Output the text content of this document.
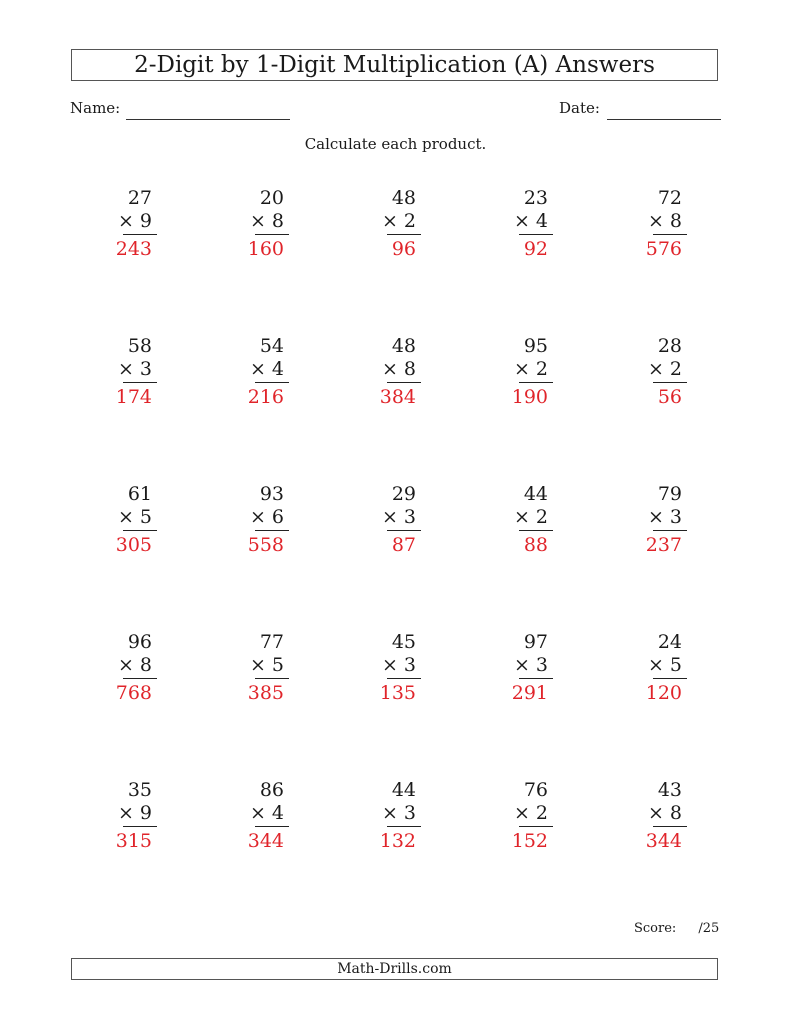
2-Digit by 1-Digit Multiplication (A) Answers
Name:	Date:
Calculate each product.
27
× 9
243
20
× 8
160
48
× 2
96
23
× 4
92
72
× 8
576
58
× 3
174
54
× 4
216
48
× 8
384
95
× 2
190
28
× 2
56
61
× 5
305
93
× 6
558
29
× 3
87
44
× 2
88
79
× 3
237
96
× 8
768
77
× 5
385
45
× 3
135
97
× 3
291
24
× 5
120
35
× 9
315
86
× 4
344
44
× 3
132
76
× 2
152
43
× 8
344
Score: /25
Math-Drills.com
